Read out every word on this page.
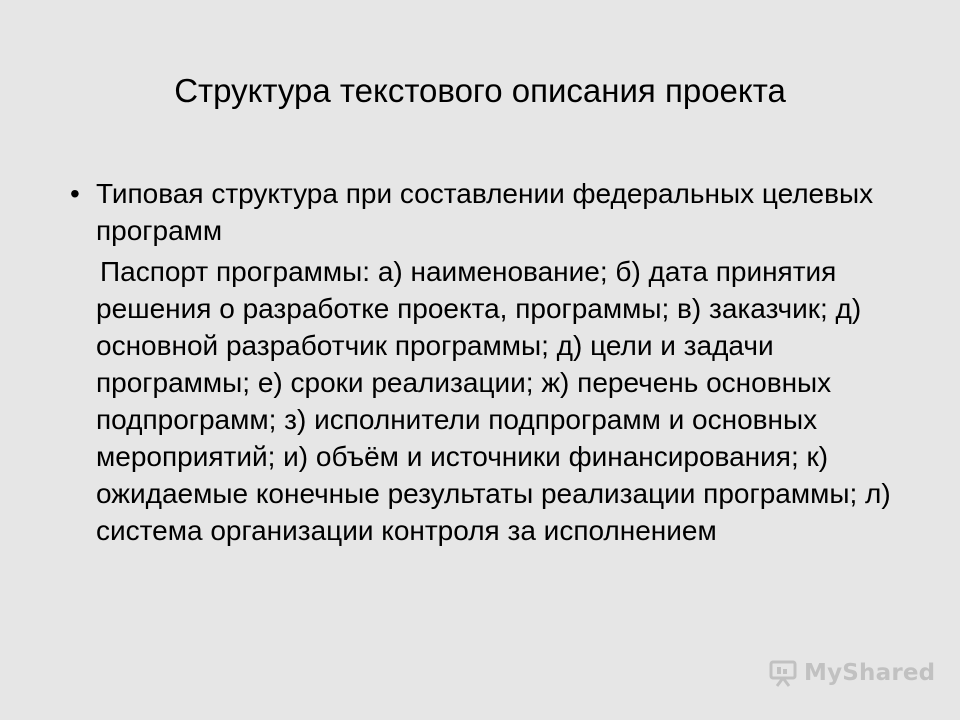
Структура текстового описания проекта
• Типовая структура при составлении федеральных целевых программ
Паспорт программы: а) наименование; б) дата принятия решения о разработке проекта, программы; в) заказчик; д) основной разработчик программы; д) цели и задачи программы; е) сроки реализации; ж) перечень основных подпрограмм; з) исполнители подпрограмм и основных мероприятий; и) объём и источники финансирования; к) ожидаемые конечные результаты реализации программы; л) система организации контроля за исполнением
MyShared
